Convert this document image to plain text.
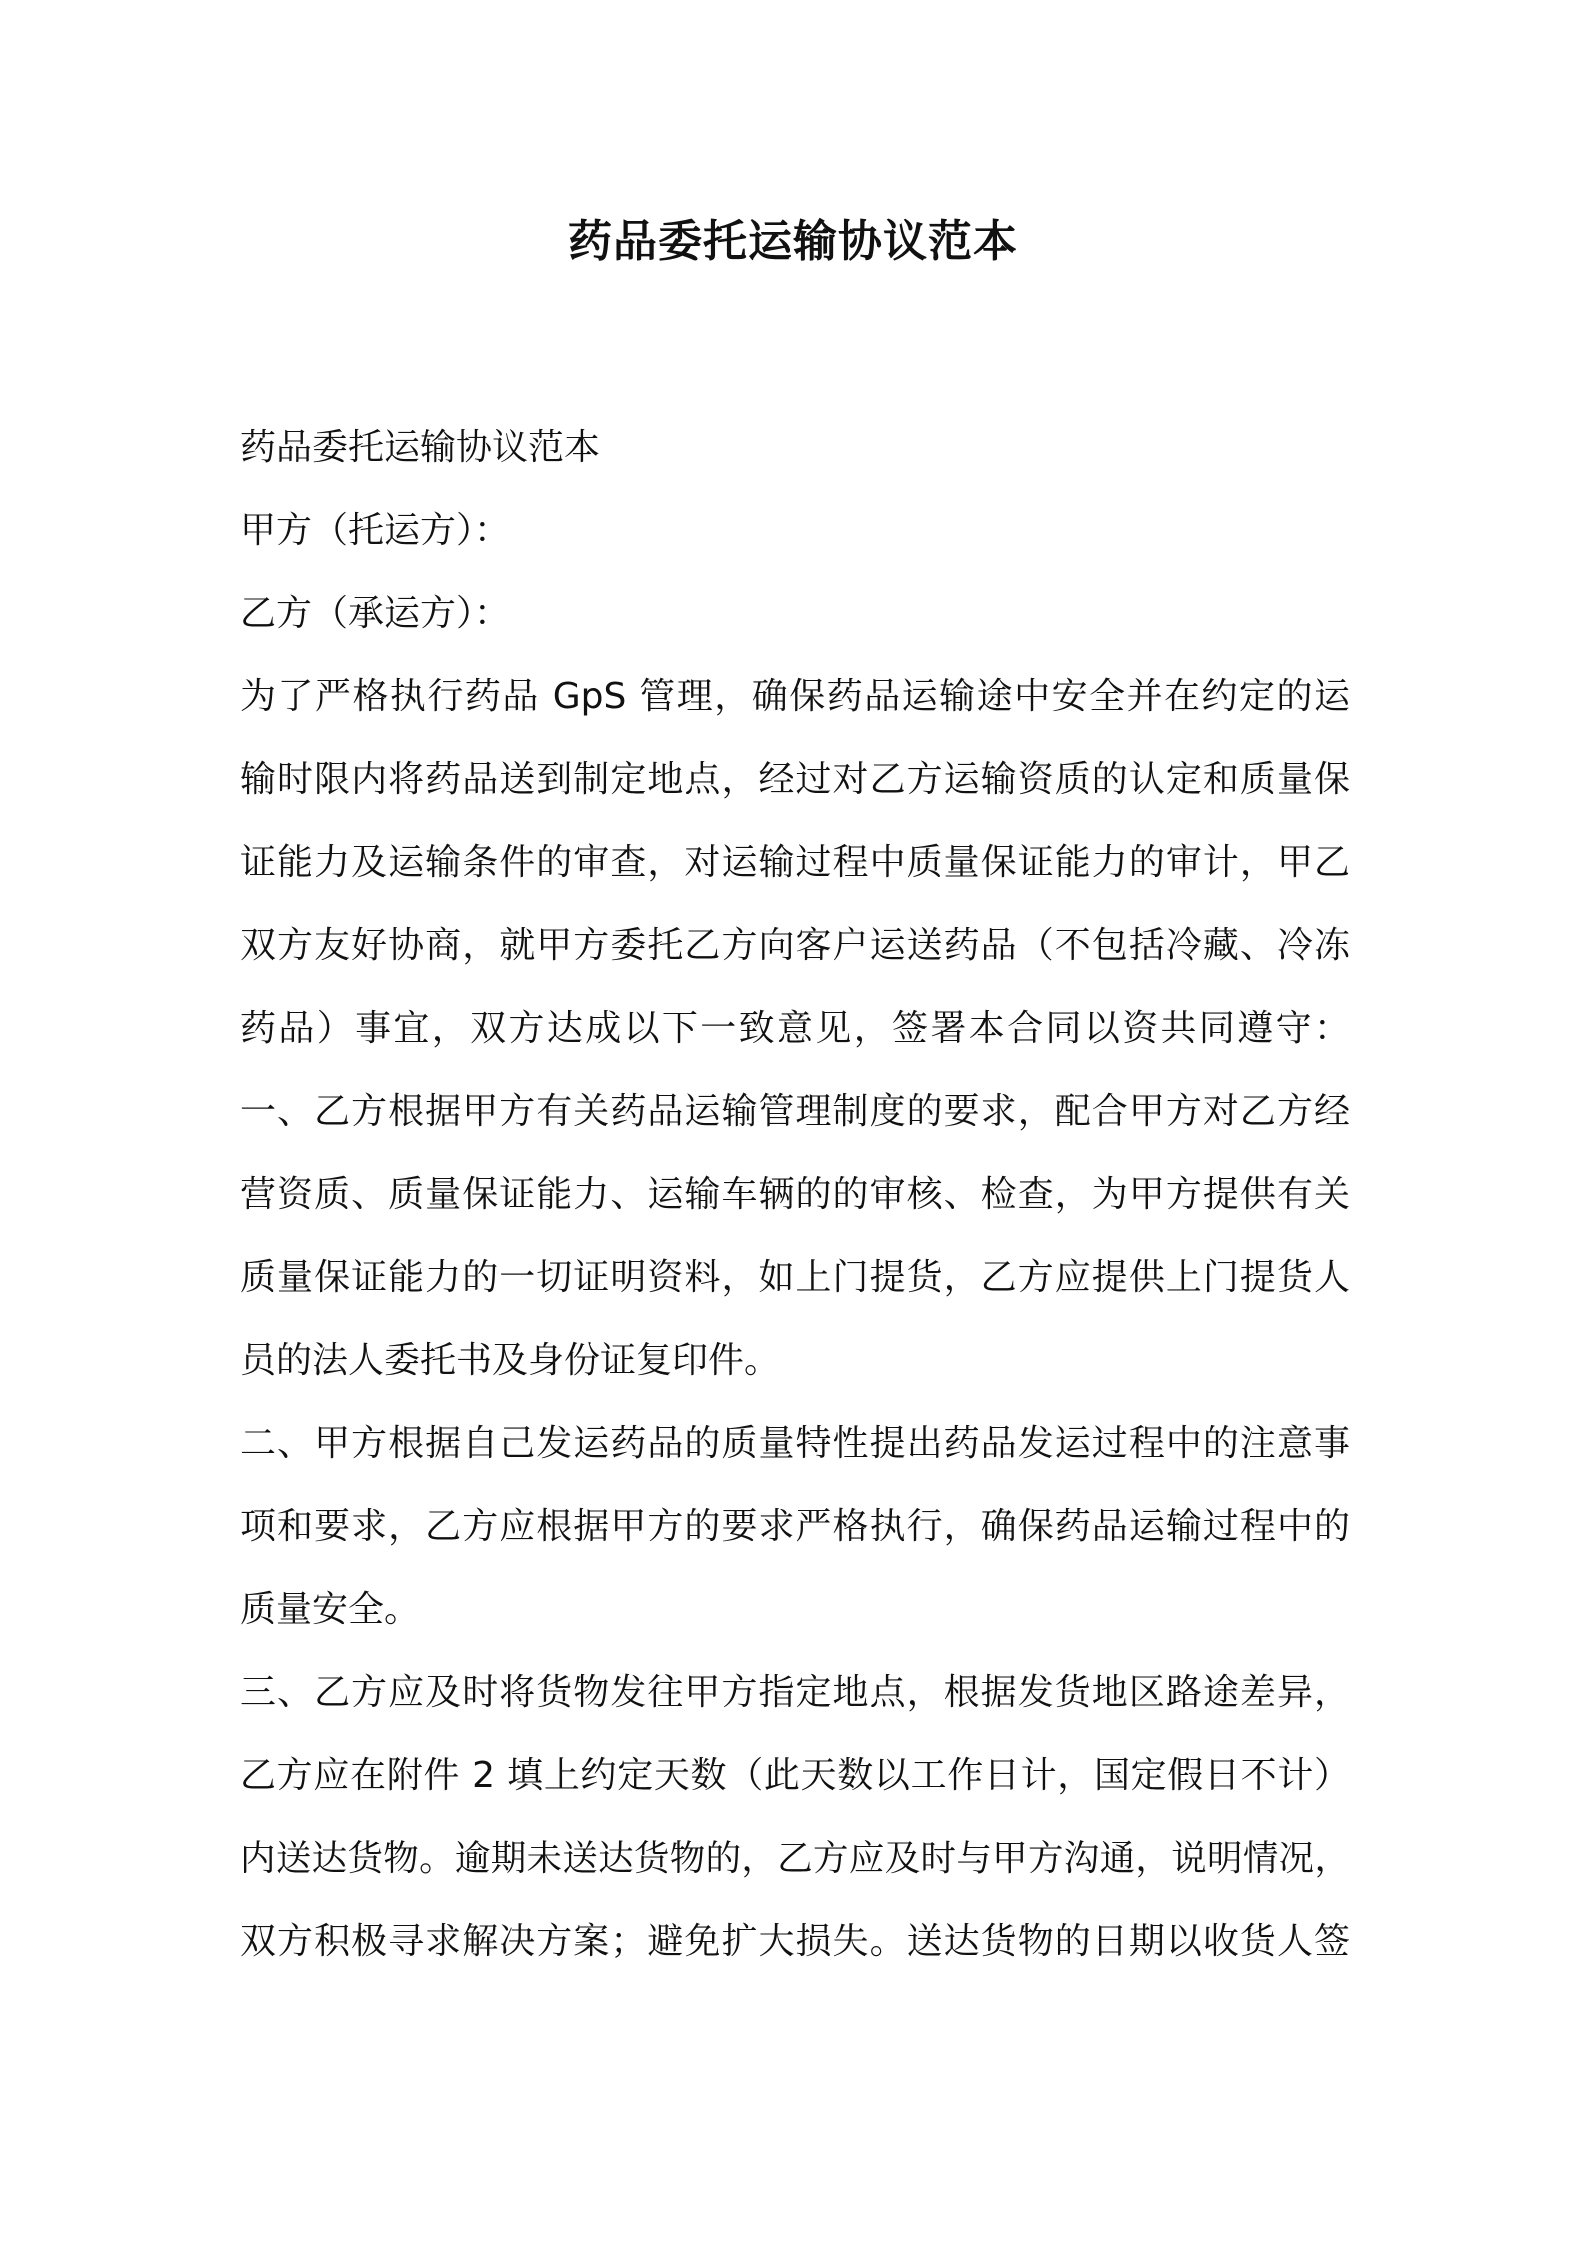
药品委托运输协议范本
药品委托运输协议范本
甲方（托运方）：
乙方（承运方）：
为了严格执行药品 GpS 管理，确保药品运输途中安全并在约定的运
输时限内将药品送到制定地点，经过对乙方运输资质的认定和质量保
证能力及运输条件的审查，对运输过程中质量保证能力的审计，甲乙
双方友好协商，就甲方委托乙方向客户运送药品（不包括冷藏、冷冻
药品）事宜，双方达成以下一致意见，签署本合同以资共同遵守：
一、乙方根据甲方有关药品运输管理制度的要求，配合甲方对乙方经
营资质、质量保证能力、运输车辆的的审核、检查，为甲方提供有关
质量保证能力的一切证明资料，如上门提货，乙方应提供上门提货人
员的法人委托书及身份证复印件。
二、甲方根据自己发运药品的质量特性提出药品发运过程中的注意事
项和要求，乙方应根据甲方的要求严格执行，确保药品运输过程中的
质量安全。
三、乙方应及时将货物发往甲方指定地点，根据发货地区路途差异，
乙方应在附件 2 填上约定天数（此天数以工作日计，国定假日不计）
内送达货物。逾期未送达货物的，乙方应及时与甲方沟通，说明情况，
双方积极寻求解决方案；避免扩大损失。送达货物的日期以收货人签
